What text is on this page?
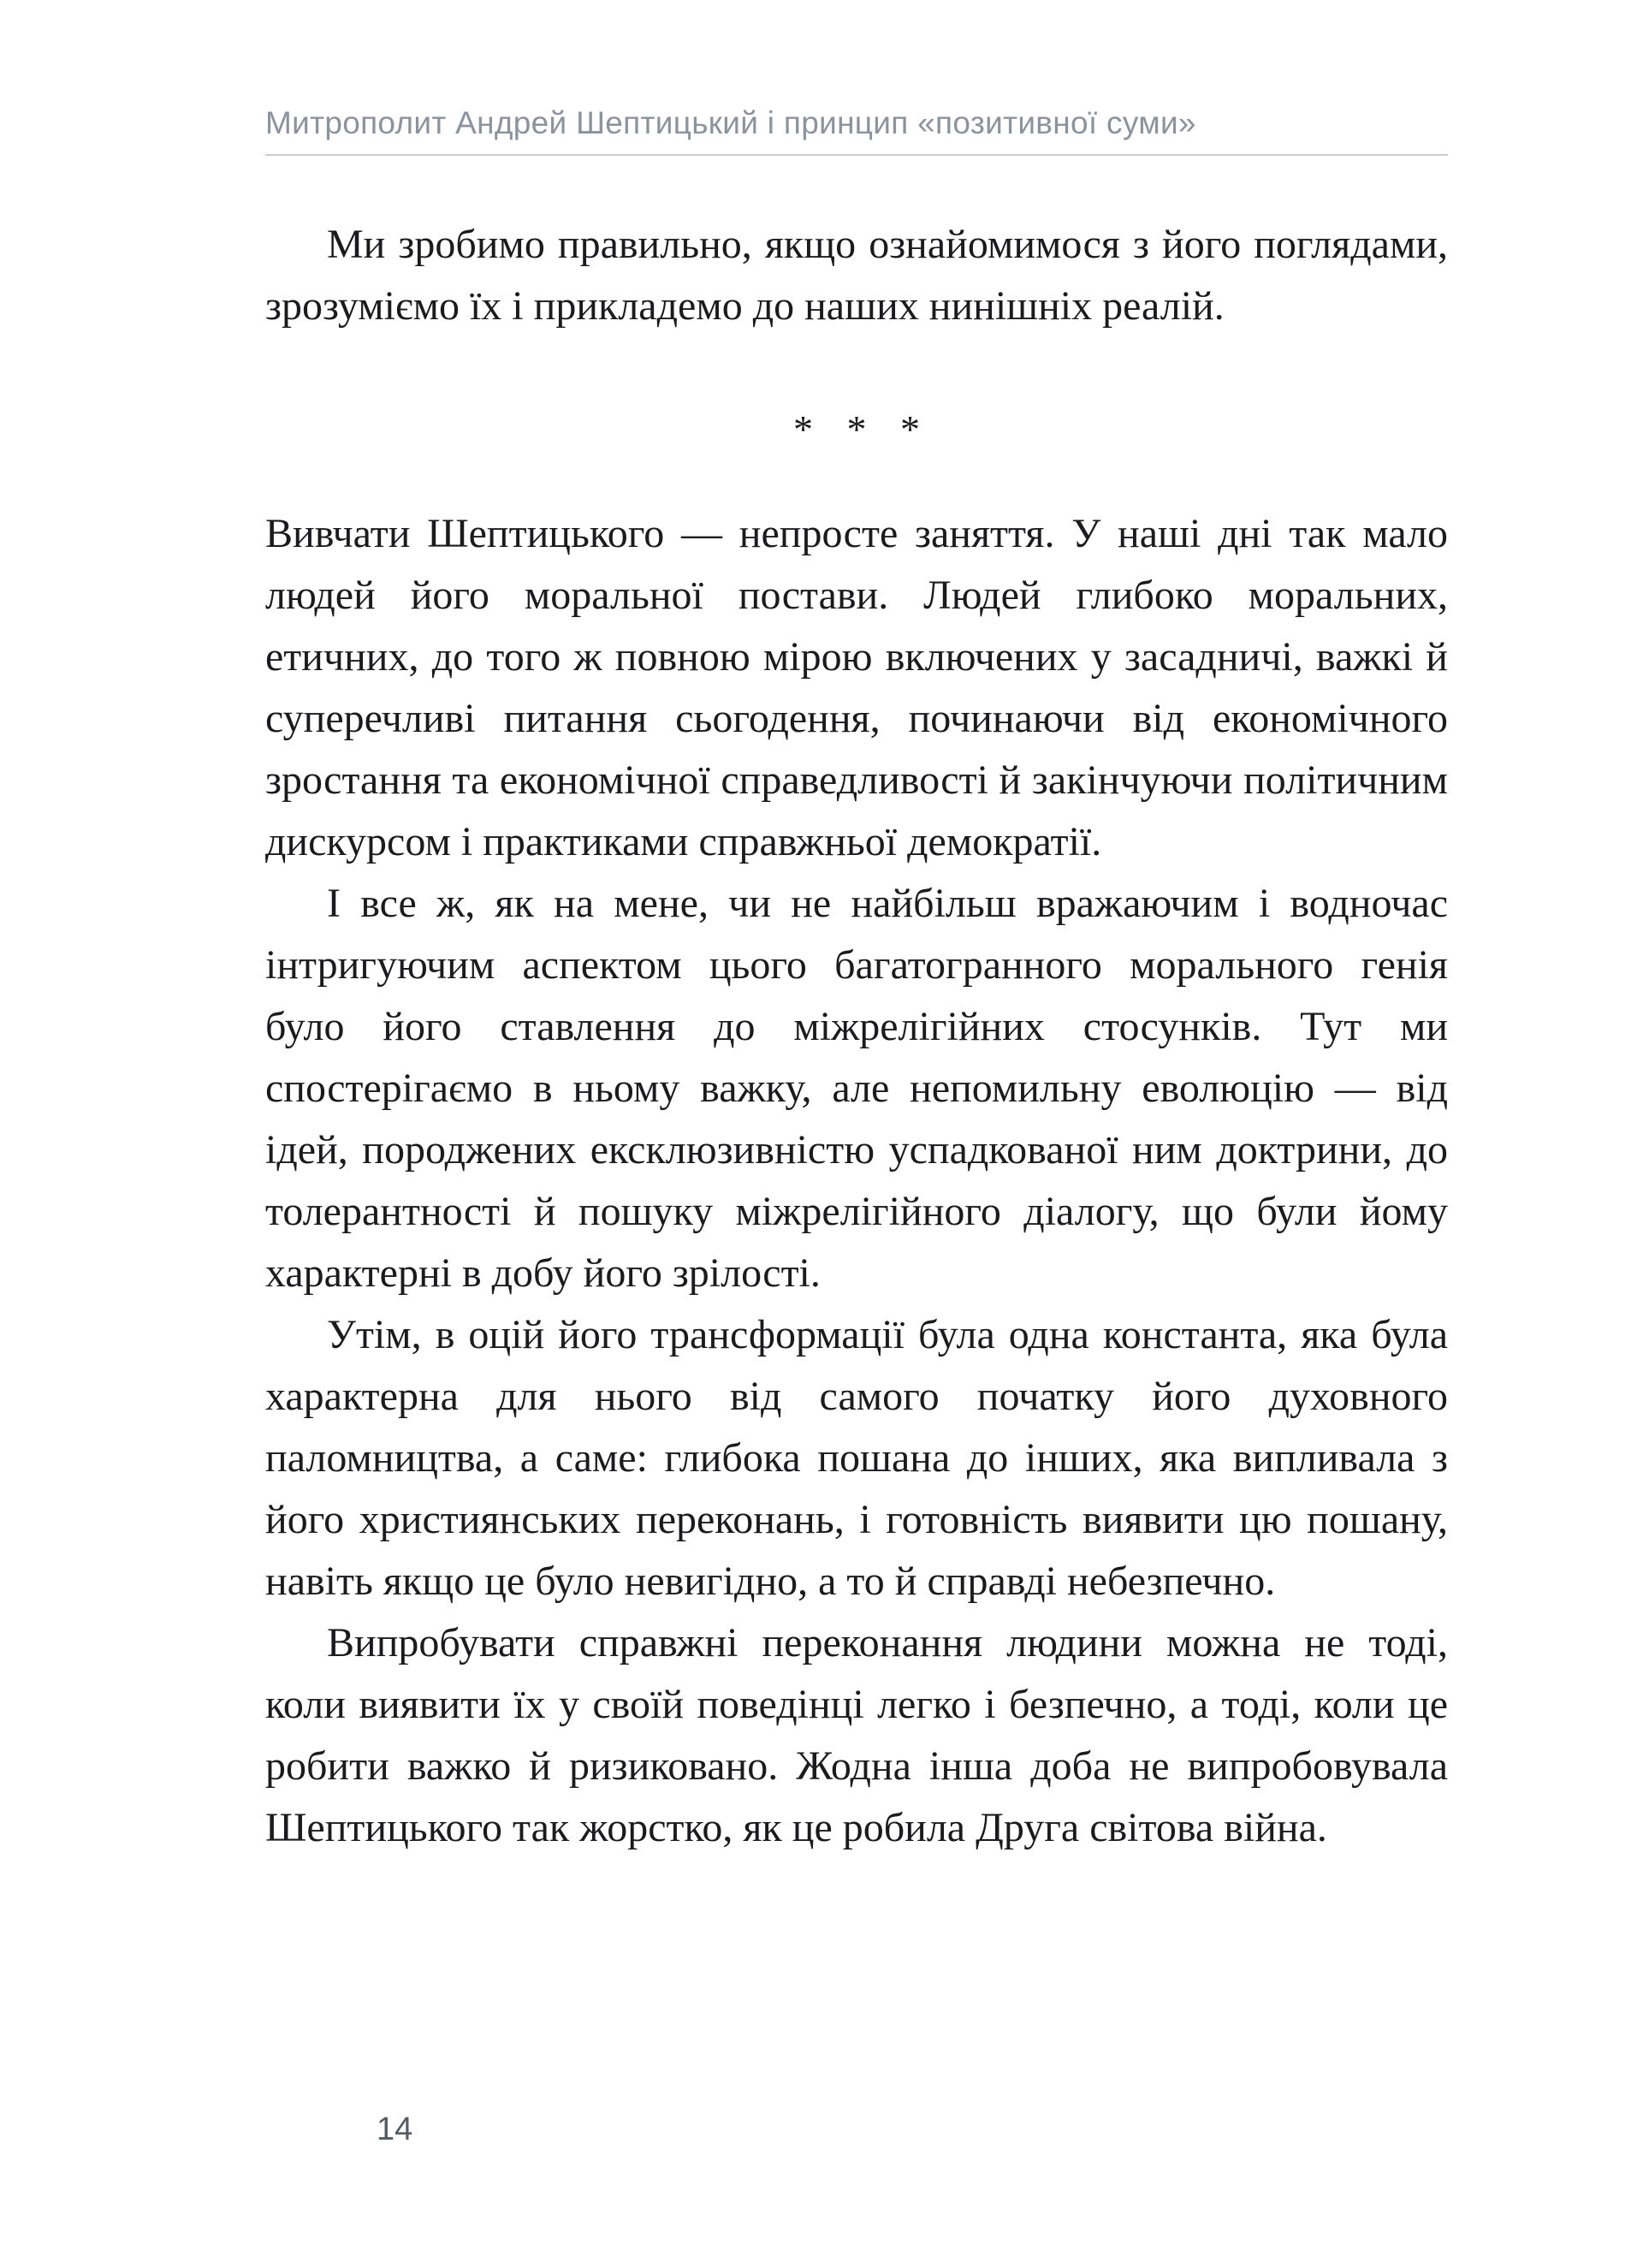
Митрополит Андрей Шептицький і принцип «позитивної суми»

Ми зробимо правильно, якщо ознайомимося з його поглядами, зрозуміємо їх і прикладемо до наших нинішніх реалій.

* * *

Вивчати Шептицького — непросте заняття. У наші дні так мало людей його моральної постави. Людей глибоко моральних, етичних, до того ж повною мірою включених у засадничі, важкі й суперечливі питання сьогодення, починаючи від економічного зростання та економічної справедливості й закінчуючи політичним дискурсом і практиками справжньої демократії.

І все ж, як на мене, чи не найбільш вражаючим і водночас інтригуючим аспектом цього багатогранного морального генія було його ставлення до міжрелігійних стосунків. Тут ми спостерігаємо в ньому важку, але непомильну еволюцію — від ідей, породжених ексклюзивністю успадкованої ним доктрини, до толерантності й пошуку міжрелігійного діалогу, що були йому характерні в добу його зрілості.

Утім, в оцій його трансформації була одна константа, яка була характерна для нього від самого початку його духовного паломництва, а саме: глибока пошана до інших, яка випливала з його християнських переконань, і готовність виявити цю пошану, навіть якщо це було невигідно, а то й справді небезпечно.

Випробувати справжні переконання людини можна не тоді, коли виявити їх у своїй поведінці легко і безпечно, а тоді, коли це робити важко й ризиковано. Жодна інша доба не випробовувала Шептицького так жорстко, як це робила Друга світова війна.

14
